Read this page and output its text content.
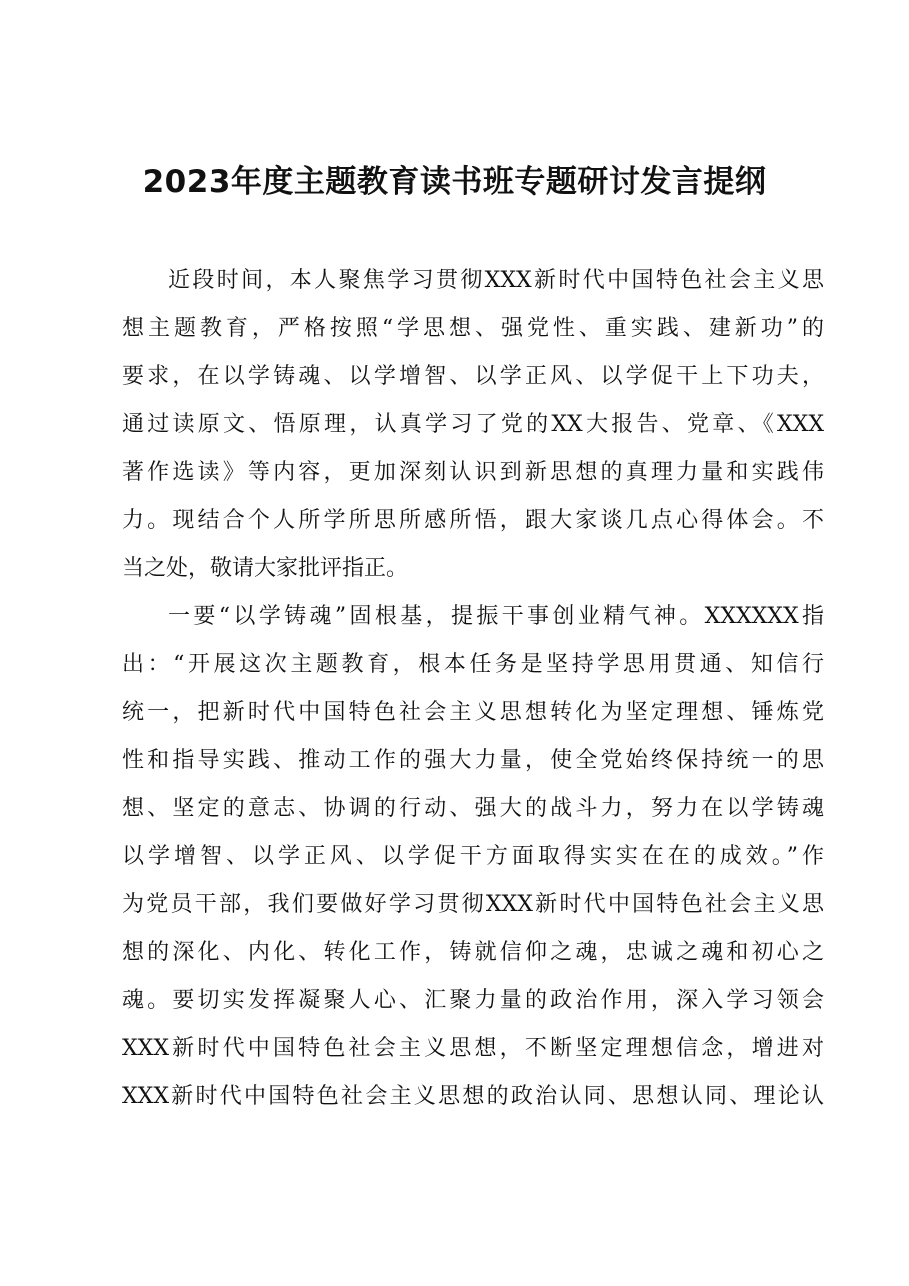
2023年度主题教育读书班专题研讨发言提纲
近段时间，本人聚焦学习贯彻XXX新时代中国特色社会主义思
想主题教育，严格按照“学思想、强党性、重实践、建新功”的
要求，在以学铸魂、以学增智、以学正风、以学促干上下功夫，
通过读原文、悟原理，认真学习了党的XX大报告、党章、《XXX
著作选读》等内容，更加深刻认识到新思想的真理力量和实践伟
力。现结合个人所学所思所感所悟，跟大家谈几点心得体会。不
当之处，敬请大家批评指正。
一要“以学铸魂”固根基，提振干事创业精气神。XXXXXX指
出：“开展这次主题教育，根本任务是坚持学思用贯通、知信行
统一，把新时代中国特色社会主义思想转化为坚定理想、锤炼党
性和指导实践、推动工作的强大力量，使全党始终保持统一的思
想、坚定的意志、协调的行动、强大的战斗力，努力在以学铸魂
以学增智、以学正风、以学促干方面取得实实在在的成效。”作
为党员干部，我们要做好学习贯彻XXX新时代中国特色社会主义思
想的深化、内化、转化工作，铸就信仰之魂，忠诚之魂和初心之
魂。要切实发挥凝聚人心、汇聚力量的政治作用，深入学习领会
XXX新时代中国特色社会主义思想，不断坚定理想信念，增进对
XXX新时代中国特色社会主义思想的政治认同、思想认同、理论认
